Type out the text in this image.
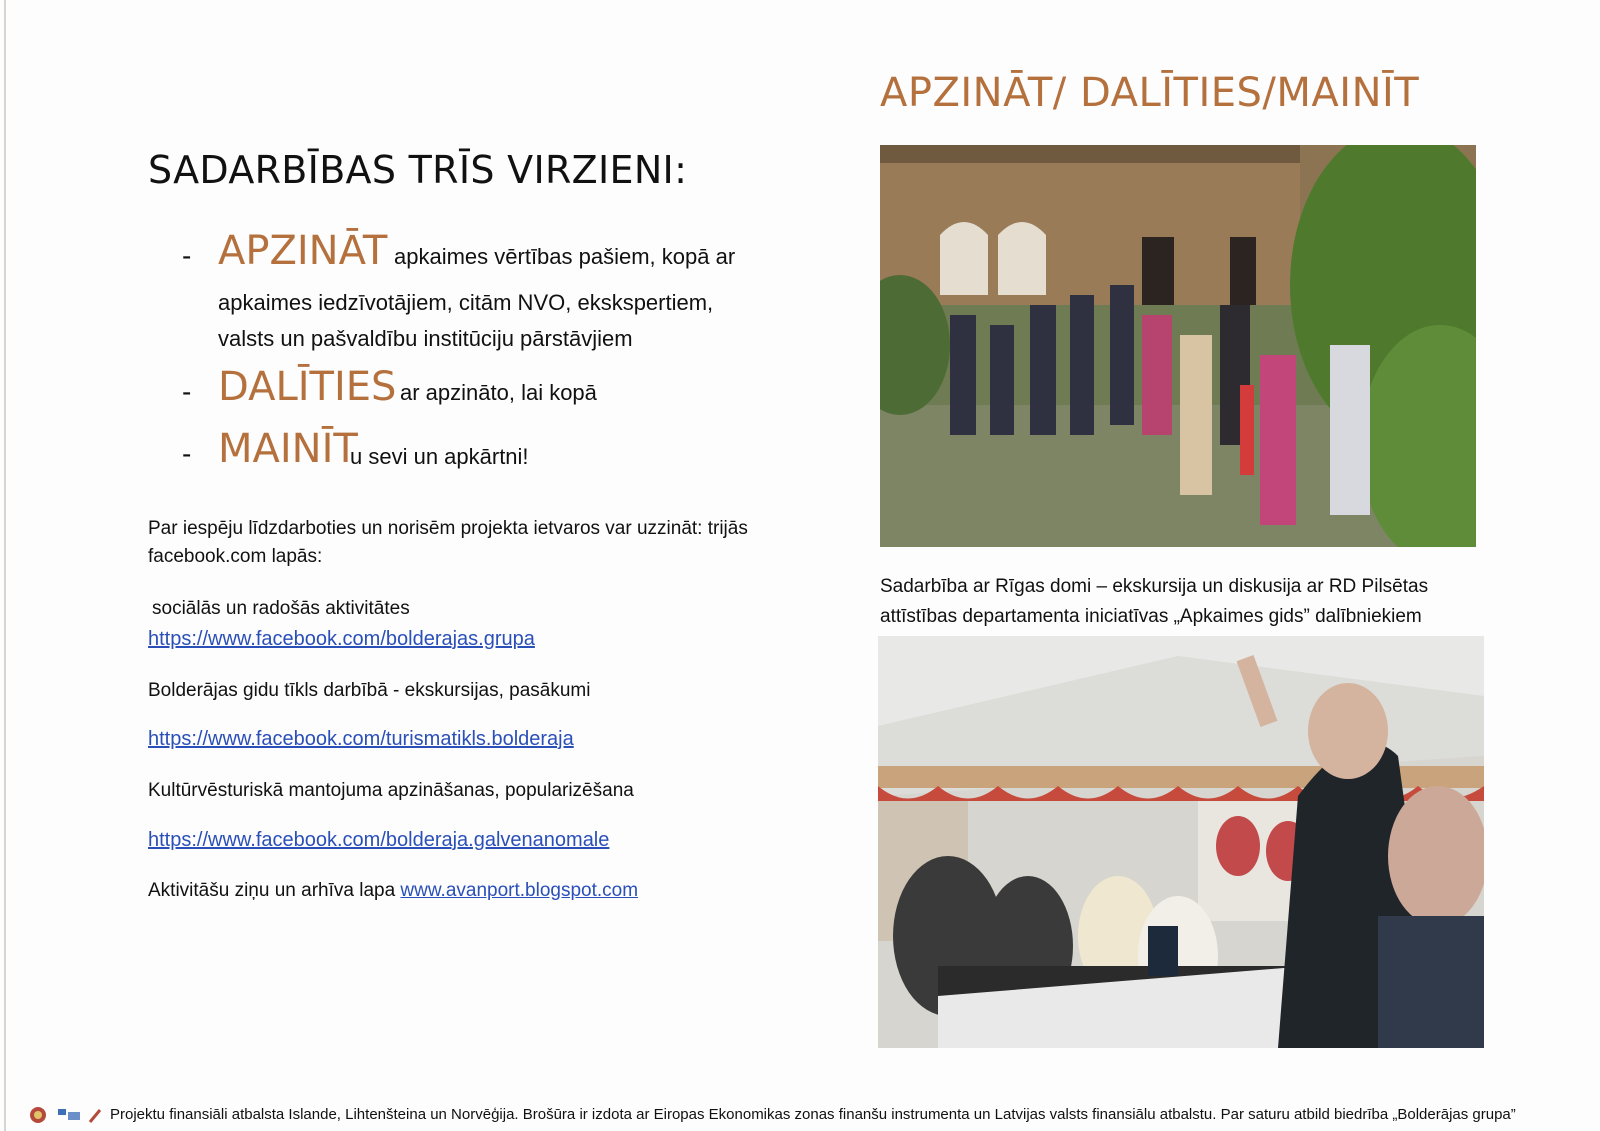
APZINĀT/ DALĪTIES/MAINĪT
SADARBĪBAS TRĪS VIRZIENI:
- APZINĀT apkaimes vērtības pašiem, kopā ar
apkaimes iedzīvotājiem, citām NVO, ekskspertiem,
valsts un pašvaldību institūciju pārstāvjiem
- DALĪTIES ar apzināto, lai kopā
- MAINĪT
u sevi un apkārtni!
Par iespēju līdzdarboties un norisēm projekta ietvaros var uzzināt: trijās
facebook.com lapās:
sociālās un radošās aktivitātes
https://www.facebook.com/bolderajas.grupa
Bolderājas gidu tīkls darbībā - ekskursijas, pasākumi
https://www.facebook.com/turismatikls.bolderaja
Kultūrvēsturiskā mantojuma apzināšanas, popularizēšana
https://www.facebook.com/bolderaja.galvenanomale
Aktivitāšu ziņu un arhīva lapa www.avanport.blogspot.com
Sadarbība ar Rīgas domi – ekskursija un diskusija ar RD Pilsētas
attīstības departamenta iniciatīvas „Apkaimes gids” dalībniekiem
Projektu finansiāli atbalsta Islande, Lihtenšteina un Norvēģija. Brošūra ir izdota ar Eiropas Ekonomikas zonas finanšu instrumenta un Latvijas valsts finansiālu atbalstu. Par saturu atbild biedrība „Bolderājas grupa”
